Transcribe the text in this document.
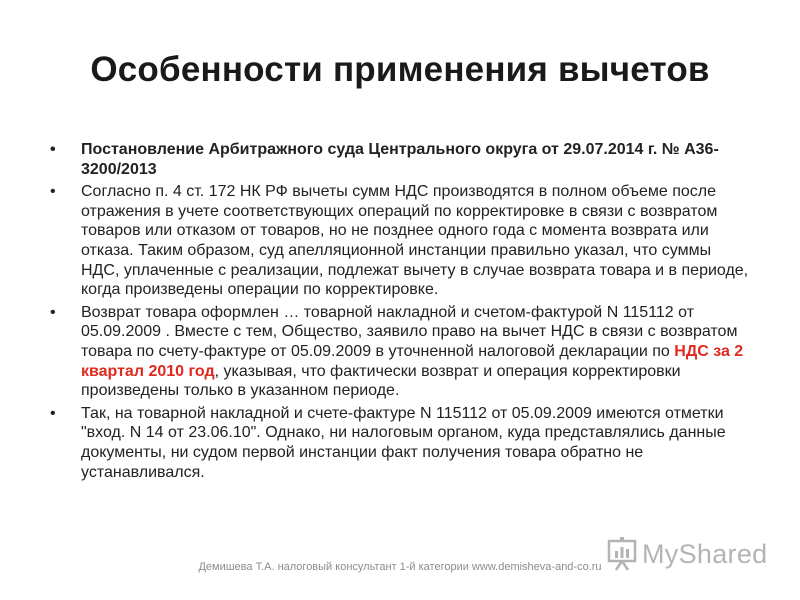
Особенности применения вычетов
• Постановление Арбитражного суда Центрального округа от 29.07.2014 г. № А36-3200/2013
• Согласно п. 4 ст. 172 НК РФ вычеты сумм НДС производятся в полном объеме после отражения в учете соответствующих операций по корректировке в связи с возвратом товаров или отказом от товаров, но не позднее одного года с момента возврата или отказа. Таким образом, суд апелляционной инстанции правильно указал, что суммы НДС, уплаченные с реализации, подлежат вычету в случае возврата товара и в периоде, когда произведены операции по корректировке.
• Возврат товара оформлен … товарной накладной и счетом-фактурой N 115112 от 05.09.2009 . Вместе с тем, Общество, заявило право на вычет НДС в связи с возвратом товара по счету-фактуре от 05.09.2009 в уточненной налоговой декларации по НДС за 2 квартал 2010 год, указывая, что фактически возврат и операция корректировки произведены только в указанном периоде.
• Так, на товарной накладной и счете-фактуре N 115112 от 05.09.2009 имеются отметки "вход. N 14 от 23.06.10". Однако, ни налоговым органом, куда представлялись данные документы, ни судом первой инстанции факт получения товара обратно не устанавливался.
Демишева Т.А. налоговый консультант 1-й категории www.demisheva-and-co.ru	MyShared
